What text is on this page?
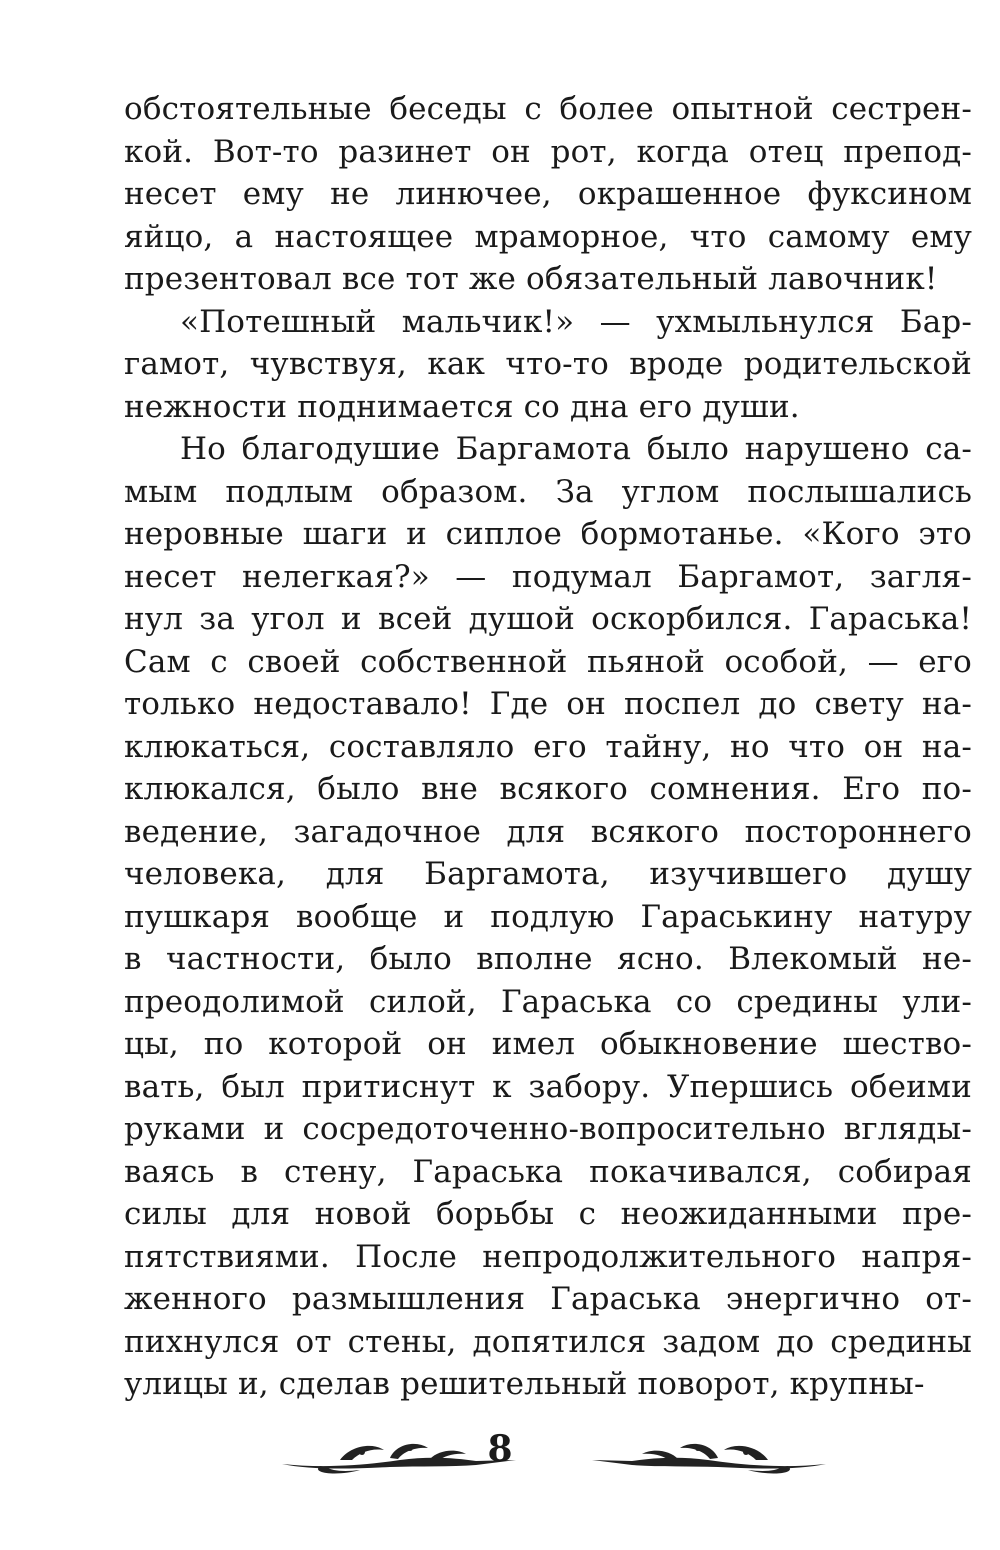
обстоятельные беседы с более опытной сестрен-
кой. Вот-то разинет он рот, когда отец препод-
несет ему не линючее, окрашенное фуксином
яйцо, а настоящее мраморное, что самому ему
презентовал все тот же обязательный лавочник!
«Потешный мальчик!» — ухмыльнулся Бар-
гамот, чувствуя, как что-то вроде родительской
нежности поднимается со дна его души.
Но благодушие Баргамота было нарушено са-
мым подлым образом. За углом послышались
неровные шаги и сиплое бормотанье. «Кого это
несет нелегкая?» — подумал Баргамот, загля-
нул за угол и всей душой оскорбился. Гараська!
Сам с своей собственной пьяной особой, — его
только недоставало! Где он поспел до свету на-
клюкаться, составляло его тайну, но что он на-
клюкался, было вне всякого сомнения. Его по-
ведение, загадочное для всякого постороннего
человека, для Баргамота, изучившего душу
пушкаря вообще и подлую Гараськину натуру
в частности, было вполне ясно. Влекомый не-
преодолимой силой, Гараська со средины ули-
цы, по которой он имел обыкновение шество-
вать, был притиснут к забору. Упершись обеими
руками и сосредоточенно-вопросительно вгляды-
ваясь в стену, Гараська покачивался, собирая
силы для новой борьбы с неожиданными пре-
пятствиями. После непродолжительного напря-
женного размышления Гараська энергично от-
пихнулся от стены, допятился задом до средины
улицы и, сделав решительный поворот, крупны-
8
